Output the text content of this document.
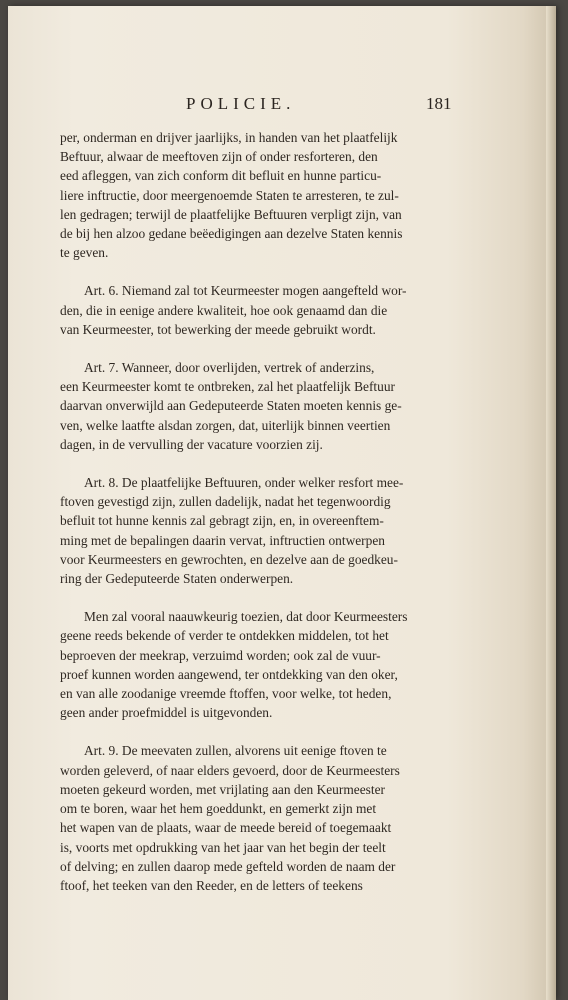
POLICIE.	181

per, onderman en drijver jaarlijks, in handen van het plaatfelijk
Beftuur, alwaar de meeftoven zijn of onder resforteren, den
eed afleggen, van zich conform dit befluit en hunne particu-
liere inftructie, door meergenoemde Staten te arresteren, te zul-
len gedragen; terwijl de plaatfelijke Beftuuren verpligt zijn, van
de bij hen alzoo gedane beëedigingen aan dezelve Staten kennis
te geven.

Art. 6. Niemand zal tot Keurmeester mogen aangefteld wor-
den, die in eenige andere kwaliteit, hoe ook genaamd dan die
van Keurmeester, tot bewerking der meede gebruikt wordt.

Art. 7. Wanneer, door overlijden, vertrek of anderzins,
een Keurmeester komt te ontbreken, zal het plaatfelijk Beftuur
daarvan onverwijld aan Gedeputeerde Staten moeten kennis ge-
ven, welke laatfte alsdan zorgen, dat, uiterlijk binnen veertien
dagen, in de vervulling der vacature voorzien zij.

Art. 8. De plaatfelijke Beftuuren, onder welker resfort mee-
ftoven gevestigd zijn, zullen dadelijk, nadat het tegenwoordig
befluit tot hunne kennis zal gebragt zijn, en, in overeenftem-
ming met de bepalingen daarin vervat, inftructien ontwerpen
voor Keurmeesters en gewrochten, en dezelve aan de goedkeu-
ring der Gedeputeerde Staten onderwerpen.

Men zal vooral naauwkeurig toezien, dat door Keurmeesters
geene reeds bekende of verder te ontdekken middelen, tot het
beproeven der meekrap, verzuimd worden; ook zal de vuur-
proef kunnen worden aangewend, ter ontdekking van den oker,
en van alle zoodanige vreemde ftoffen, voor welke, tot heden,
geen ander proefmiddel is uitgevonden.

Art. 9. De meevaten zullen, alvorens uit eenige ftoven te
worden geleverd, of naar elders gevoerd, door de Keurmeesters
moeten gekeurd worden, met vrijlating aan den Keurmeester
om te boren, waar het hem goeddunkt, en gemerkt zijn met
het wapen van de plaats, waar de meede bereid of toegemaakt
is, voorts met opdrukking van het jaar van het begin der teelt
of delving; en zullen daarop mede gefteld worden de naam der
ftoof, het teeken van den Reeder, en de letters of teekens
